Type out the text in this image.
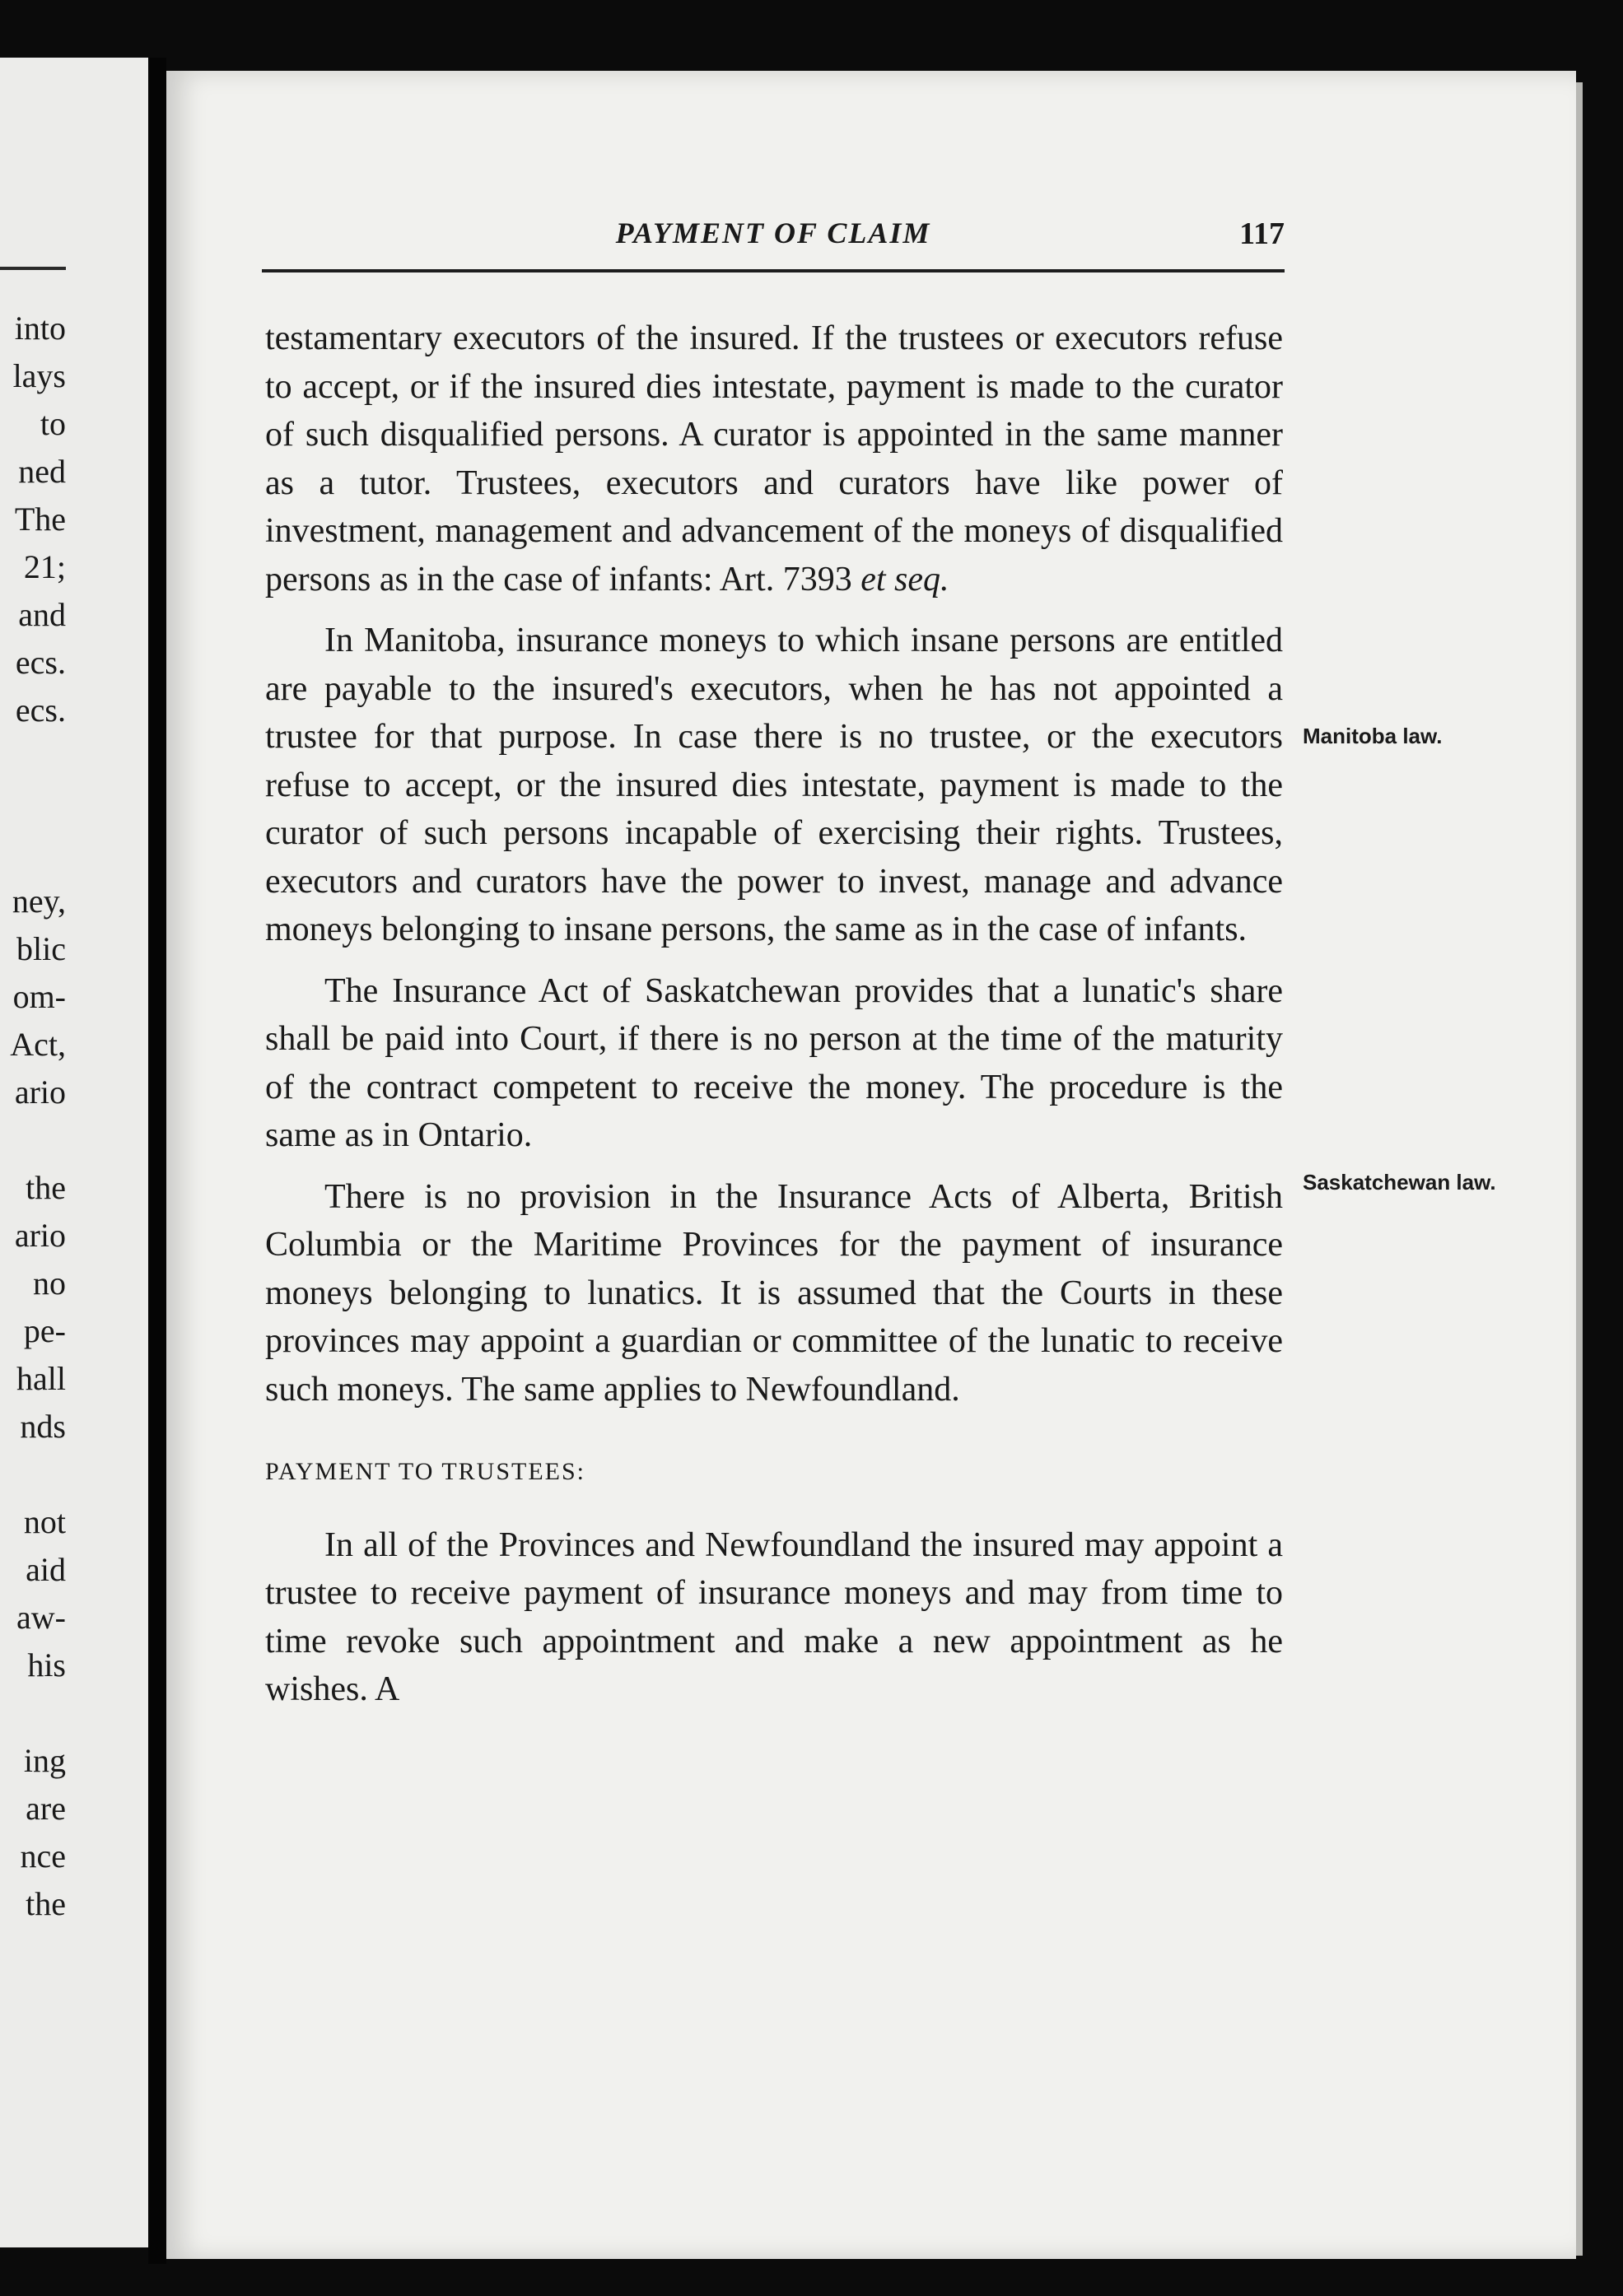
into
lays
to
ned
The
21;
and
ecs.
ecs.
ney,
blic
om-
Act,
ario
the
ario
no
pe-
hall
nds
not
aid
aw-
his
ing
are
nce
the
PAYMENT OF CLAIM	117

testamentary executors of the insured. If the trustees or executors refuse to accept, or if the insured dies intestate, payment is made to the curator of such disqualified persons. A curator is appointed in the same manner as a tutor. Trustees, executors and curators have like power of investment, management and advancement of the moneys of disqualified persons as in the case of infants: Art. 7393 et seq.

In Manitoba, insurance moneys to which insane persons are entitled are payable to the insured's executors, when he has not appointed a trustee for that purpose. In case there is no trustee, or the executors refuse to accept, or the insured dies intestate, payment is made to the curator of such persons incapable of exercising their rights. Trustees, executors and curators have the power to invest, manage and advance moneys belonging to insane persons, the same as in the case of infants.

The Insurance Act of Saskatchewan provides that a lunatic's share shall be paid into Court, if there is no person at the time of the maturity of the contract competent to receive the money. The procedure is the same as in Ontario.

There is no provision in the Insurance Acts of Alberta, British Columbia or the Maritime Provinces for the payment of insurance moneys belonging to lunatics. It is assumed that the Courts in these provinces may appoint a guardian or committee of the lunatic to receive such moneys. The same applies to Newfoundland.

PAYMENT TO TRUSTEES:

In all of the Provinces and Newfoundland the insured may appoint a trustee to receive payment of insurance moneys and may from time to time revoke such appointment and make a new appointment as he wishes. A

Manitoba law.
Saskatchewan law.
